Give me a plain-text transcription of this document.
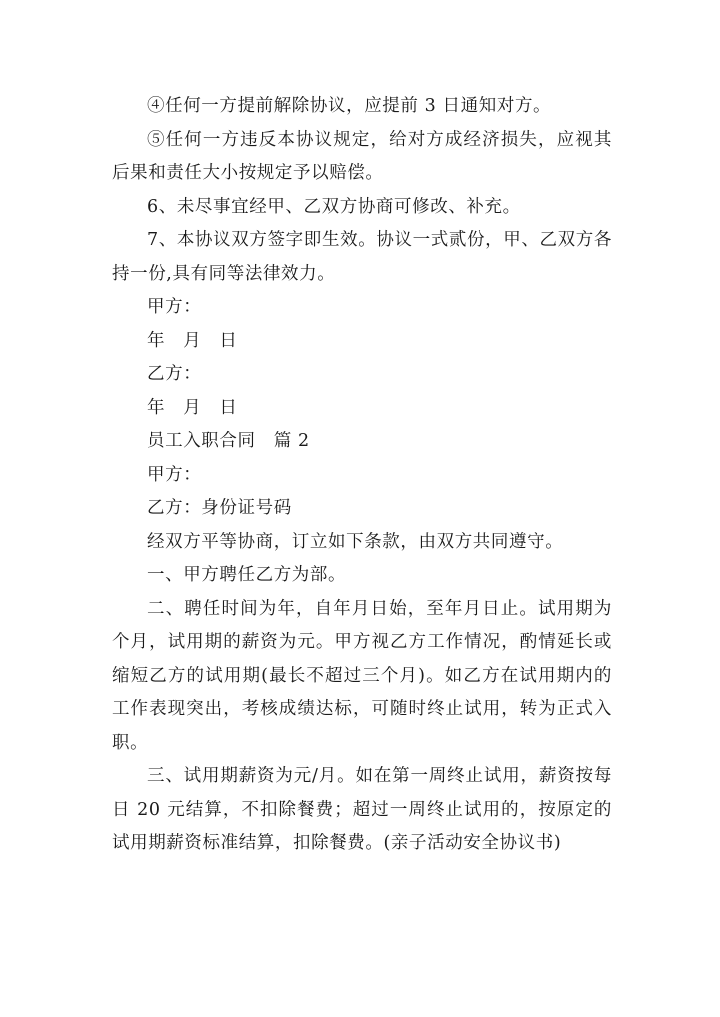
④任何一方提前解除协议，应提前 3 日通知对方。

⑤任何一方违反本协议规定，给对方成经济损失，应视其后果和责任大小按规定予以赔偿。

6、未尽事宜经甲、乙双方协商可修改、补充。

7、本协议双方签字即生效。协议一式贰份，甲、乙双方各持一份,具有同等法律效力。

甲方：

年　月　日

乙方：

年　月　日

员工入职合同　篇 2

甲方：

乙方：身份证号码

经双方平等协商，订立如下条款，由双方共同遵守。

一、甲方聘任乙方为部。

二、聘任时间为年，自年月日始，至年月日止。试用期为个月，试用期的薪资为元。甲方视乙方工作情况，酌情延长或缩短乙方的试用期(最长不超过三个月)。如乙方在试用期内的工作表现突出，考核成绩达标，可随时终止试用，转为正式入职。

三、试用期薪资为元/月。如在第一周终止试用，薪资按每日 20 元结算，不扣除餐费；超过一周终止试用的，按原定的试用期薪资标准结算，扣除餐费。(亲子活动安全协议书)
